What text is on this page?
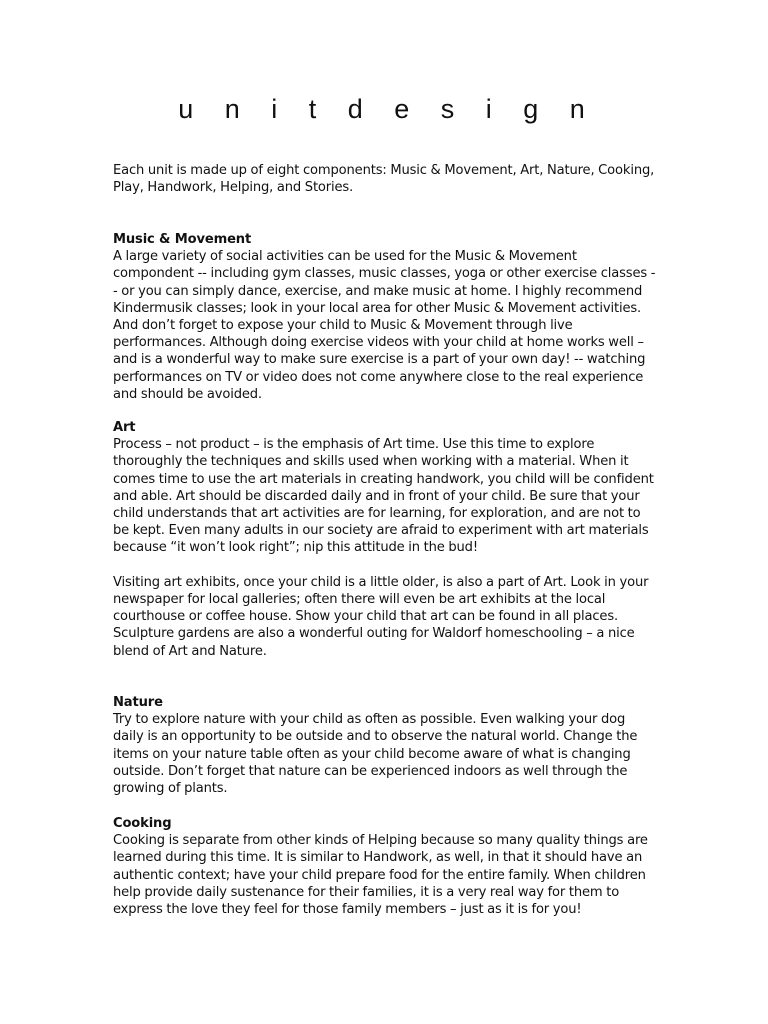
u n i t d e s i g n

Each unit is made up of eight components: Music & Movement, Art, Nature, Cooking, Play, Handwork, Helping, and Stories.

Music & Movement

A large variety of social activities can be used for the Music & Movement compondent -- including gym classes, music classes, yoga or other exercise classes -- or you can simply dance, exercise, and make music at home. I highly recommend Kindermusik classes; look in your local area for other Music & Movement activities. And don’t forget to expose your child to Music & Movement through live performances. Although doing exercise videos with your child at home works well – and is a wonderful way to make sure exercise is a part of your own day! -- watching performances on TV or video does not come anywhere close to the real experience and should be avoided.

Art

Process – not product – is the emphasis of Art time. Use this time to explore thoroughly the techniques and skills used when working with a material. When it comes time to use the art materials in creating handwork, you child will be confident and able. Art should be discarded daily and in front of your child. Be sure that your child understands that art activities are for learning, for exploration, and are not to be kept. Even many adults in our society are afraid to experiment with art materials because “it won’t look right”; nip this attitude in the bud!

Visiting art exhibits, once your child is a little older, is also a part of Art. Look in your newspaper for local galleries; often there will even be art exhibits at the local courthouse or coffee house. Show your child that art can be found in all places. Sculpture gardens are also a wonderful outing for Waldorf homeschooling – a nice blend of Art and Nature.

Nature

Try to explore nature with your child as often as possible. Even walking your dog daily is an opportunity to be outside and to observe the natural world. Change the items on your nature table often as your child become aware of what is changing outside. Don’t forget that nature can be experienced indoors as well through the growing of plants.

Cooking

Cooking is separate from other kinds of Helping because so many quality things are learned during this time. It is similar to Handwork, as well, in that it should have an authentic context; have your child prepare food for the entire family. When children help provide daily sustenance for their families, it is a very real way for them to express the love they feel for those family members – just as it is for you!
